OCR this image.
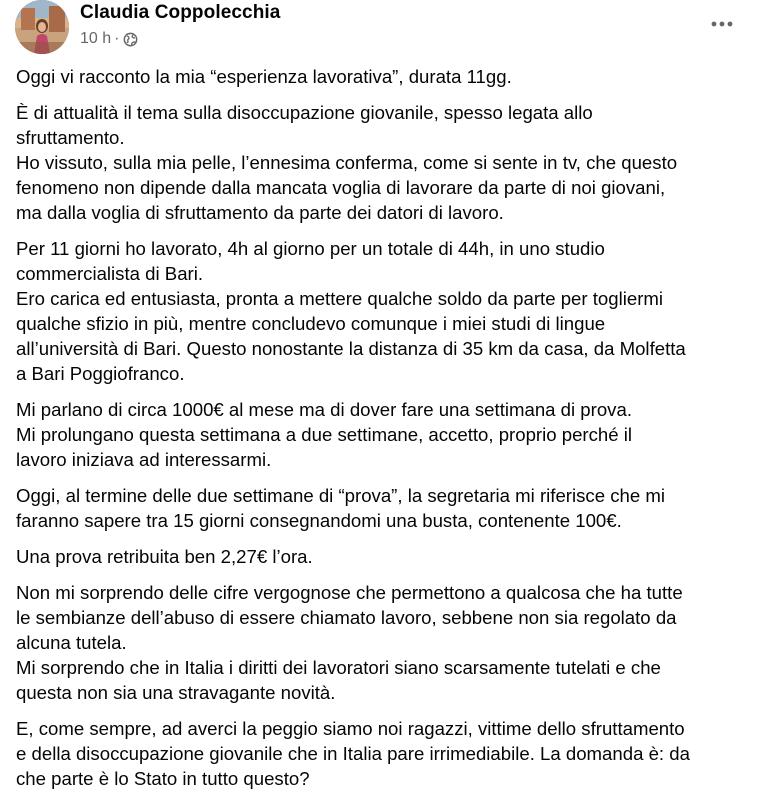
Claudia Coppolecchia
10 h ·
Oggi vi racconto la mia “esperienza lavorativa”, durata 11gg.
È di attualità il tema sulla disoccupazione giovanile, spesso legata allo
sfruttamento.
Ho vissuto, sulla mia pelle, l’ennesima conferma, come si sente in tv, che questo
fenomeno non dipende dalla mancata voglia di lavorare da parte di noi giovani,
ma dalla voglia di sfruttamento da parte dei datori di lavoro.
Per 11 giorni ho lavorato, 4h al giorno per un totale di 44h, in uno studio
commercialista di Bari.
Ero carica ed entusiasta, pronta a mettere qualche soldo da parte per togliermi
qualche sfizio in più, mentre concludevo comunque i miei studi di lingue
all’università di Bari. Questo nonostante la distanza di 35 km da casa, da Molfetta
a Bari Poggiofranco.
Mi parlano di circa 1000€ al mese ma di dover fare una settimana di prova.
Mi prolungano questa settimana a due settimane, accetto, proprio perché il
lavoro iniziava ad interessarmi.
Oggi, al termine delle due settimane di “prova”, la segretaria mi riferisce che mi
faranno sapere tra 15 giorni consegnandomi una busta, contenente 100€.
Una prova retribuita ben 2,27€ l’ora.
Non mi sorprendo delle cifre vergognose che permettono a qualcosa che ha tutte
le sembianze dell’abuso di essere chiamato lavoro, sebbene non sia regolato da
alcuna tutela.
Mi sorprendo che in Italia i diritti dei lavoratori siano scarsamente tutelati e che
questa non sia una stravagante novità.
E, come sempre, ad averci la peggio siamo noi ragazzi, vittime dello sfruttamento
e della disoccupazione giovanile che in Italia pare irrimediabile. La domanda è: da
che parte è lo Stato in tutto questo?
